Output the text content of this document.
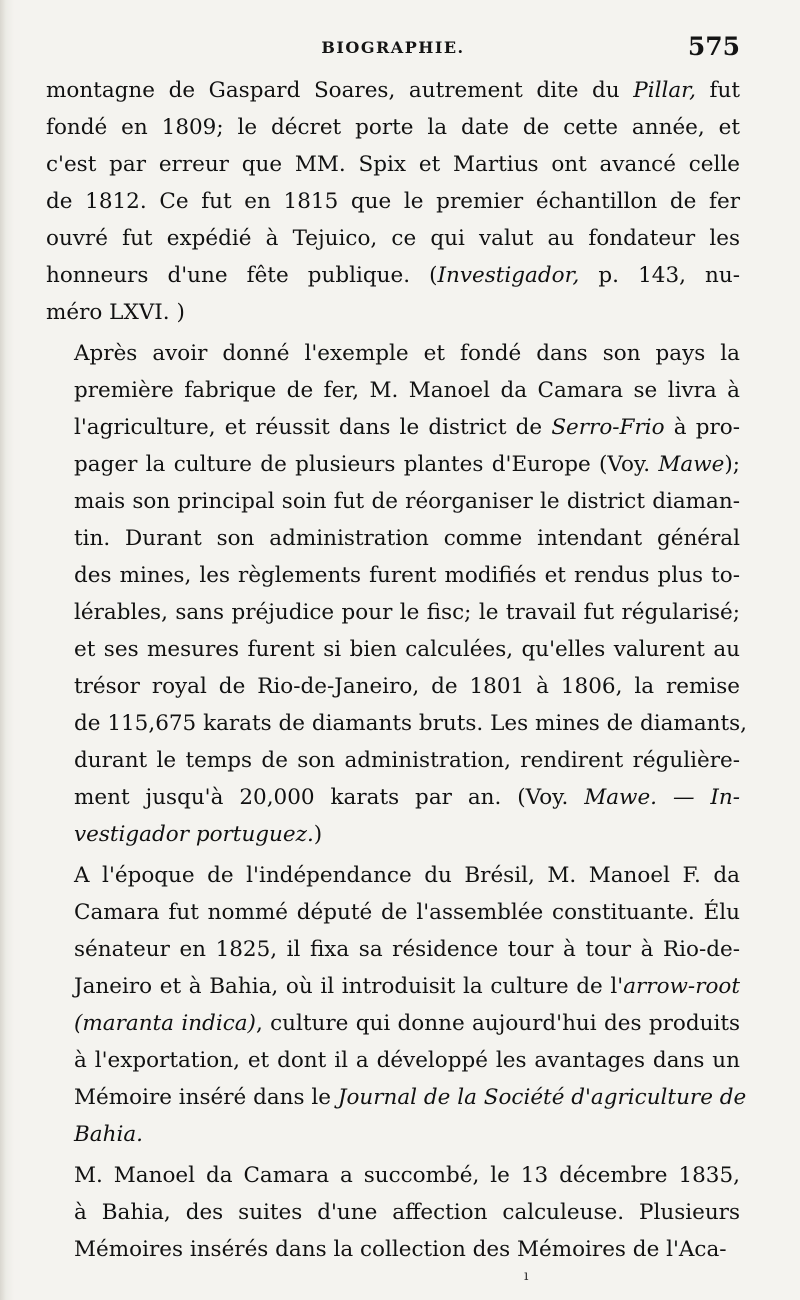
BIOGRAPHIE.	575

montagne de Gaspard Soares, autrement dite du Pillar, fut
fondé en 1809; le décret porte la date de cette année, et
c'est par erreur que MM. Spix et Martius ont avancé celle
de 1812. Ce fut en 1815 que le premier échantillon de fer
ouvré fut expédié à Tejuico, ce qui valut au fondateur les
honneurs d'une fête publique. (Investigador, p. 143, nu-
méro LXVI. )

Après avoir donné l'exemple et fondé dans son pays la
première fabrique de fer, M. Manoel da Camara se livra à
l'agriculture, et réussit dans le district de Serro-Frio à pro-
pager la culture de plusieurs plantes d'Europe (Voy. Mawe);
mais son principal soin fut de réorganiser le district diaman-
tin. Durant son administration comme intendant général
des mines, les règlements furent modifiés et rendus plus to-
lérables, sans préjudice pour le fisc; le travail fut régularisé;
et ses mesures furent si bien calculées, qu'elles valurent au
trésor royal de Rio-de-Janeiro, de 1801 à 1806, la remise
de 115,675 karats de diamants bruts. Les mines de diamants,
durant le temps de son administration, rendirent régulière-
ment jusqu'à 20,000 karats par an. (Voy. Mawe. — In-
vestigador portuguez.)

A l'époque de l'indépendance du Brésil, M. Manoel F. da
Camara fut nommé député de l'assemblée constituante. Élu
sénateur en 1825, il fixa sa résidence tour à tour à Rio-de-
Janeiro et à Bahia, où il introduisit la culture de l'arrow-root
(maranta indica), culture qui donne aujourd'hui des produits
à l'exportation, et dont il a développé les avantages dans un
Mémoire inséré dans le Journal de la Société d'agriculture de
Bahia.

M. Manoel da Camara a succombé, le 13 décembre 1835,
à Bahia, des suites d'une affection calculeuse. Plusieurs
Mémoires insérés dans la collection des Mémoires de l'Aca-

ı
